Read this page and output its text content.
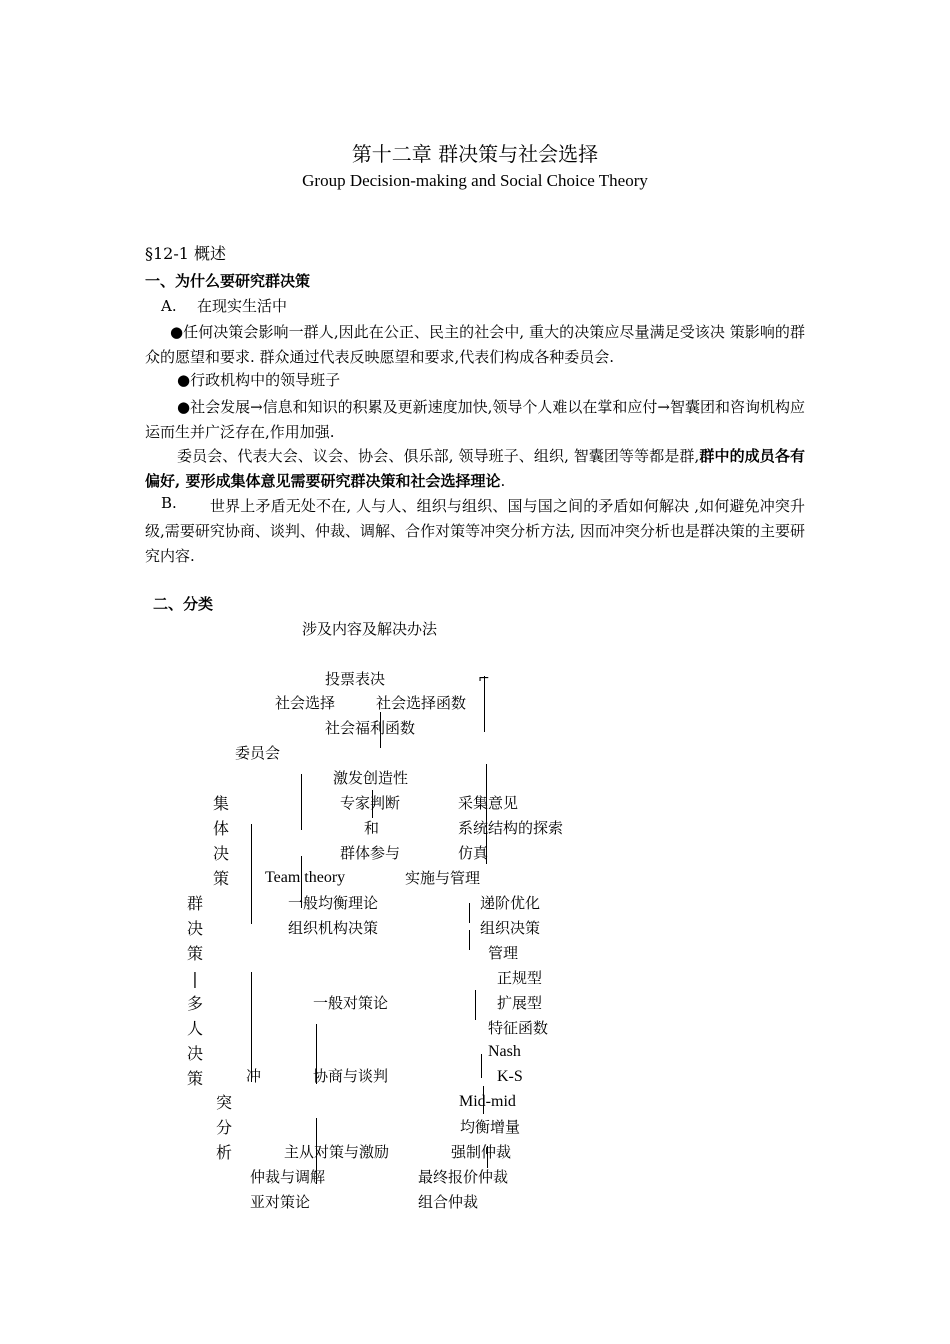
第十二章 群决策与社会选择
Group Decision-making and Social Choice Theory
§12-1 概述
一、为什么要研究群决策
A. 在现实生活中
●任何决策会影响一群人,因此在公正、民主的社会中, 重大的决策应尽量满足受该决 策影响的群众的愿望和要求. 群众通过代表反映愿望和要求,代表们构成各种委员会.
●行政机构中的领导班子
●社会发展→信息和知识的积累及更新速度加快,领导个人难以在掌和应付→智囊团和咨询机构应运而生并广泛存在,作用加强.
委员会、代表大会、议会、协会、俱乐部, 领导班子、组织, 智囊团等等都是群,群中的成员各有偏好, 要形成集体意见需要研究群决策和社会选择理论.
B.	世界上矛盾无处不在, 人与人、组织与组织、国与国之间的矛盾如何解决 ,如何避免冲突升级,需要研究协商、谈判、仲裁、调解、合作对策等冲突分析方法, 因而冲突分析也是群决策的主要研究内容.
二、分类
涉及内容及解决办法
投票表决
社会选择	社会选择函数
社会福利函数
⌐
委员会
激发创造性
专家判断	采集意见
集
体
决
策
和	系统结构的探索
群体参与	仿真
Team theory	实施与管理
群
决
策
|
多
人
决
策
一般均衡理论	递阶优化
组织机构决策	组织决策
管理
正规型
一般对策论	扩展型
特征函数
Nash
冲	协商与谈判	K-S
突
分
析
Mid-mid
均衡增量
主从对策与激励	强制仲裁
仲裁与调解	最终报价仲裁
亚对策论	组合仲裁
